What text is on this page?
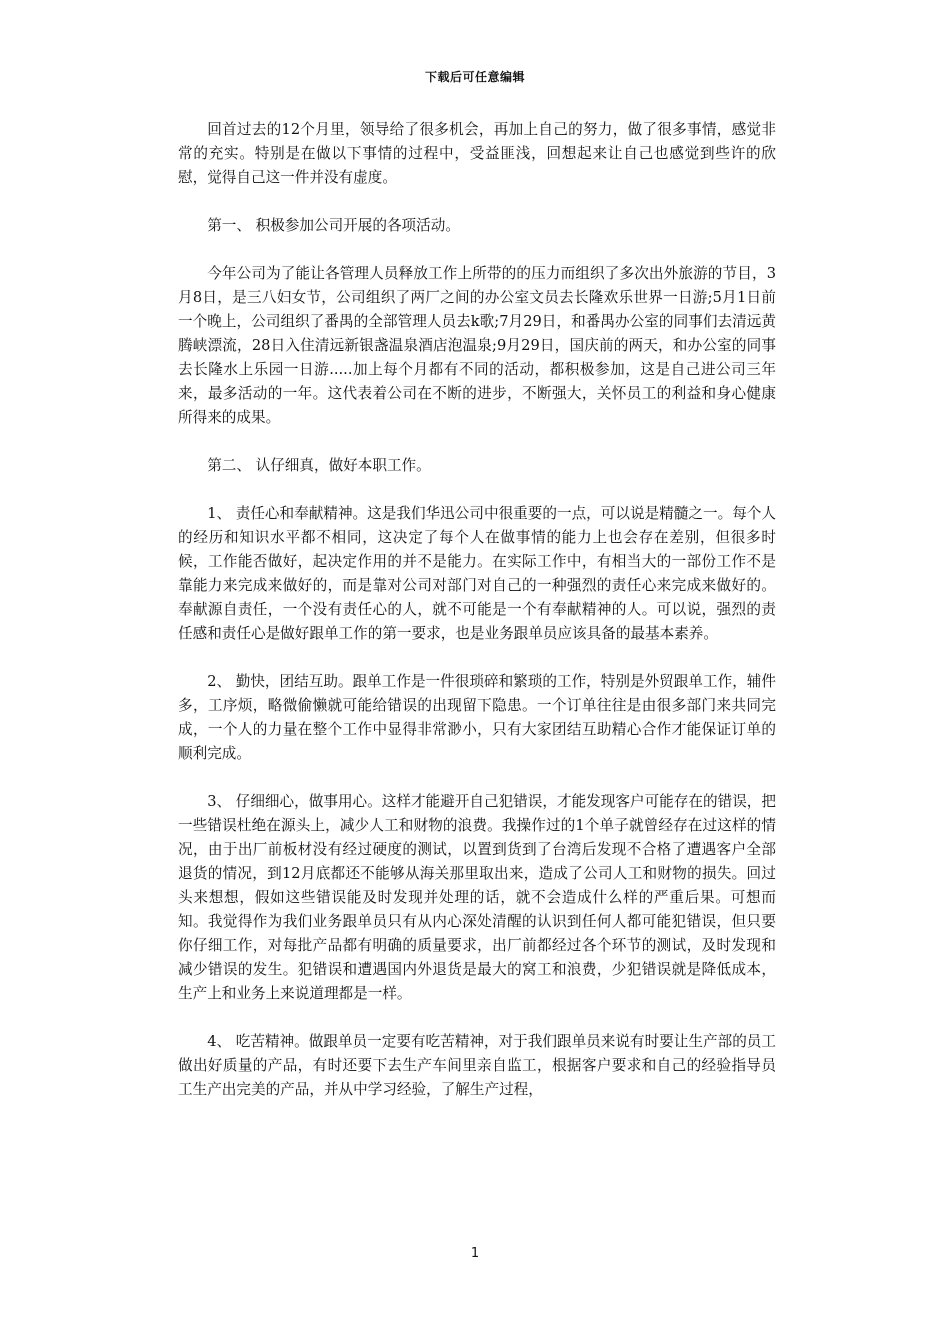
下载后可任意编辑

回首过去的12个月里，领导给了很多机会，再加上自己的努力，做了很多事情，感觉非常的充实。特别是在做以下事情的过程中，受益匪浅，回想起来让自己也感觉到些许的欣慰，觉得自己这一件并没有虚度。

第一、 积极参加公司开展的各项活动。

今年公司为了能让各管理人员释放工作上所带的的压力而组织了多次出外旅游的节目，3月8日，是三八妇女节，公司组织了两厂之间的办公室文员去长隆欢乐世界一日游;5月1日前一个晚上，公司组织了番禺的全部管理人员去k歌;7月29日，和番禺办公室的同事们去清远黄腾峡漂流，28日入住清远新银盏温泉酒店泡温泉;9月29日，国庆前的两天，和办公室的同事去长隆水上乐园一日游.....加上每个月都有不同的活动，都积极参加，这是自己进公司三年来，最多活动的一年。这代表着公司在不断的进步，不断强大，关怀员工的利益和身心健康所得来的成果。

第二、 认仔细真，做好本职工作。

1、 责任心和奉献精神。这是我们华迅公司中很重要的一点，可以说是精髓之一。每个人的经历和知识水平都不相同，这决定了每个人在做事情的能力上也会存在差别，但很多时候，工作能否做好，起决定作用的并不是能力。在实际工作中，有相当大的一部份工作不是靠能力来完成来做好的，而是靠对公司对部门对自己的一种强烈的责任心来完成来做好的。奉献源自责任，一个没有责任心的人，就不可能是一个有奉献精神的人。可以说，强烈的责任感和责任心是做好跟单工作的第一要求，也是业务跟单员应该具备的最基本素养。

2、 勤快，团结互助。跟单工作是一件很琐碎和繁琐的工作，特别是外贸跟单工作，辅件多，工序烦，略微偷懒就可能给错误的出现留下隐患。一个订单往往是由很多部门来共同完成，一个人的力量在整个工作中显得非常渺小，只有大家团结互助精心合作才能保证订单的顺利完成。

3、 仔细细心，做事用心。这样才能避开自己犯错误，才能发现客户可能存在的错误，把一些错误杜绝在源头上，减少人工和财物的浪费。我操作过的1个单子就曾经存在过这样的情况，由于出厂前板材没有经过硬度的测试，以置到货到了台湾后发现不合格了遭遇客户全部退货的情况，到12月底都还不能够从海关那里取出来，造成了公司人工和财物的损失。回过头来想想，假如这些错误能及时发现并处理的话，就不会造成什么样的严重后果。可想而知。我觉得作为我们业务跟单员只有从内心深处清醒的认识到任何人都可能犯错误，但只要你仔细工作，对每批产品都有明确的质量要求，出厂前都经过各个环节的测试，及时发现和减少错误的发生。犯错误和遭遇国内外退货是最大的窝工和浪费，少犯错误就是降低成本，生产上和业务上来说道理都是一样。

4、 吃苦精神。做跟单员一定要有吃苦精神，对于我们跟单员来说有时要让生产部的员工做出好质量的产品，有时还要下去生产车间里亲自监工，根据客户要求和自己的经验指导员工生产出完美的产品，并从中学习经验，了解生产过程，

1
